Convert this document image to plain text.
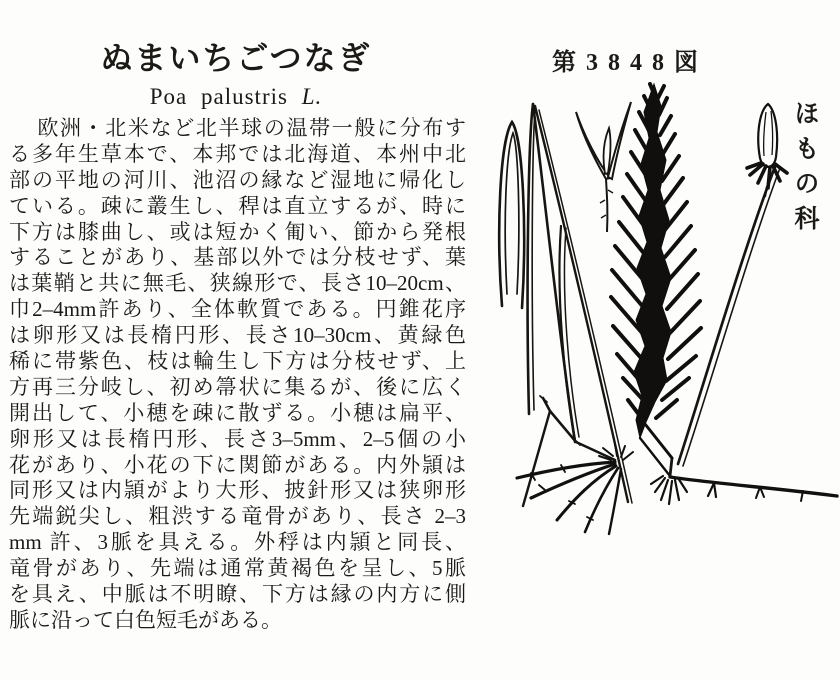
ぬまいちごつなぎ
Poa palustris L.
欧洲・北米など北半球の温帯一般に分布す
る多年生草本で、本邦では北海道、本州中北
部の平地の河川、池沼の縁など湿地に帰化し
ている。疎に叢生し、稈は直立するが、時に
下方は膝曲し、或は短かく匍い、節から発根
することがあり、基部以外では分枝せず、葉
は葉鞘と共に無毛、狭線形で、長さ10–20cm、
巾2–4mm許あり、全体軟質である。円錐花序
は卵形又は長楕円形、長さ10–30cm、黄緑色
稀に帯紫色、枝は輪生し下方は分枝せず、上
方再三分岐し、初め箒状に集るが、後に広く
開出して、小穂を疎に散ずる。小穂は扁平、
卵形又は長楕円形、長さ3–5mm、2–5個の小
花があり、小花の下に関節がある。内外頴は
同形又は内頴がより大形、披針形又は狭卵形
先端鋭尖し、粗渋する竜骨があり、長さ 2–3
mm 許、3脈を具える。外稃は内頴と同長、
竜骨があり、先端は通常黄褐色を呈し、5脈
を具え、中脈は不明瞭、下方は縁の内方に側
脈に沿って白色短毛がある。
第 3 8 4 8 図
ほもの科
